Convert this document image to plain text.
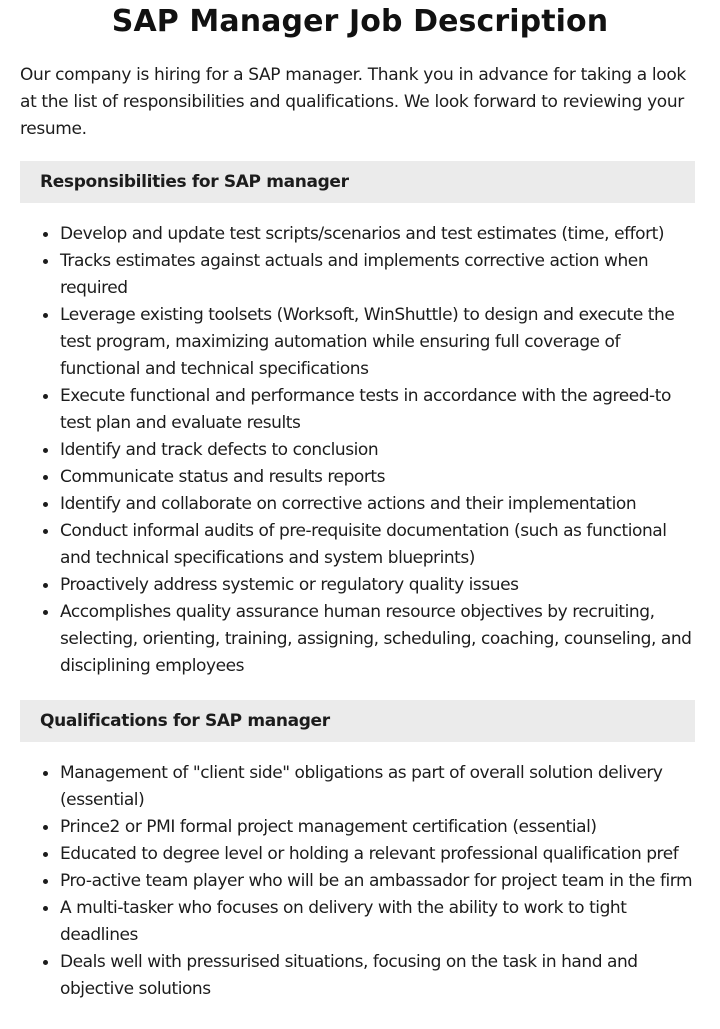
SAP Manager Job Description

Our company is hiring for a SAP manager. Thank you in advance for taking a look at the list of responsibilities and qualifications. We look forward to reviewing your resume.

Responsibilities for SAP manager
Develop and update test scripts/scenarios and test estimates (time, effort)
Tracks estimates against actuals and implements corrective action when required
Leverage existing toolsets (Worksoft, WinShuttle) to design and execute the test program, maximizing automation while ensuring full coverage of functional and technical specifications
Execute functional and performance tests in accordance with the agreed-to test plan and evaluate results
Identify and track defects to conclusion
Communicate status and results reports
Identify and collaborate on corrective actions and their implementation
Conduct informal audits of pre-requisite documentation (such as functional and technical specifications and system blueprints)
Proactively address systemic or regulatory quality issues
Accomplishes quality assurance human resource objectives by recruiting, selecting, orienting, training, assigning, scheduling, coaching, counseling, and disciplining employees
Qualifications for SAP manager
Management of "client side" obligations as part of overall solution delivery (essential)
Prince2 or PMI formal project management certification (essential)
Educated to degree level or holding a relevant professional qualification pref
Pro-active team player who will be an ambassador for project team in the firm
A multi-tasker who focuses on delivery with the ability to work to tight deadlines
Deals well with pressurised situations, focusing on the task in hand and objective solutions
